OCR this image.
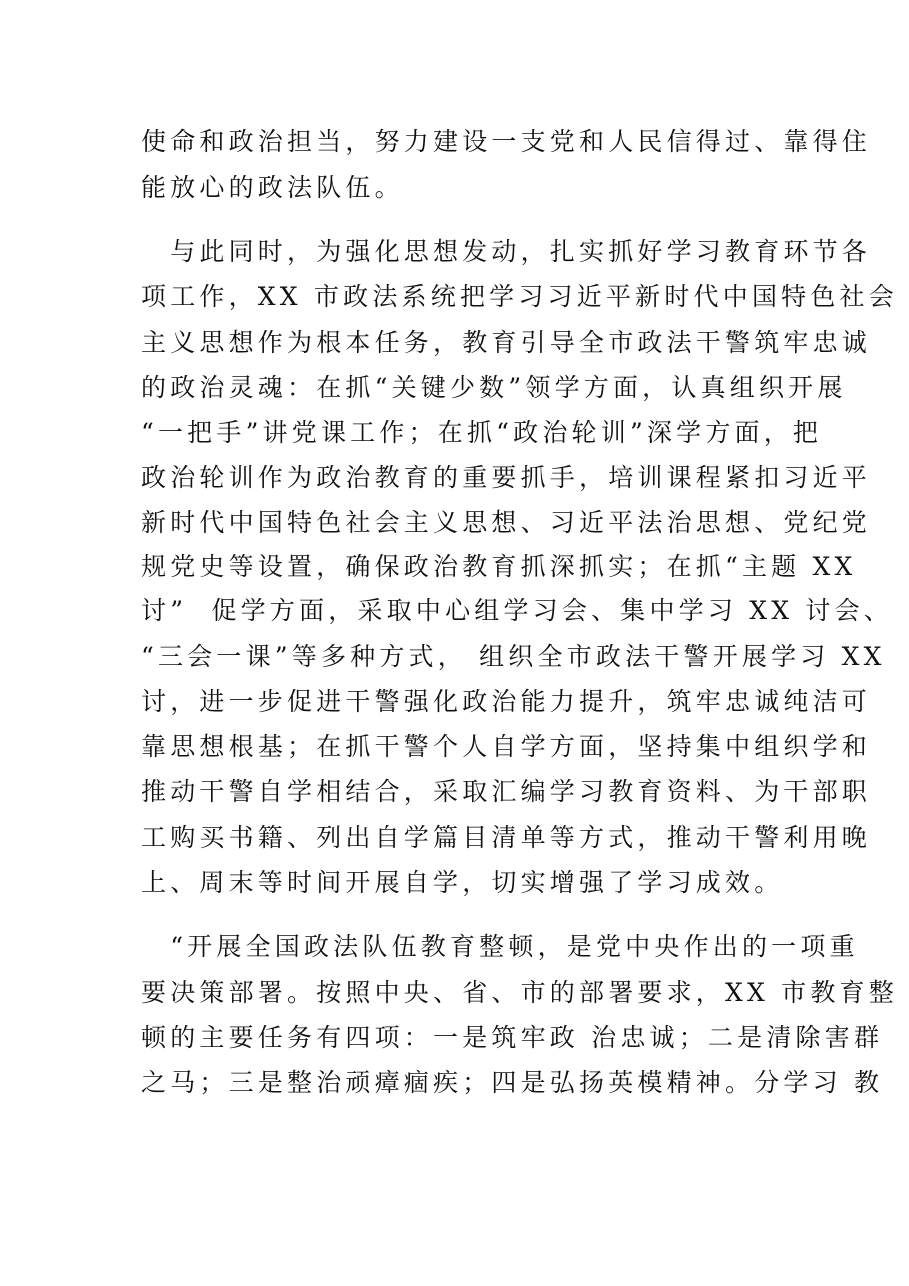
使命和政治担当，努力建设一支党和人民信得过、靠得住
能放心的政法队伍。
　与此同时，为强化思想发动，扎实抓好学习教育环节各
项工作，XX 市政法系统把学习习近平新时代中国特色社会
主义思想作为根本任务，教育引导全市政法干警筑牢忠诚
的政治灵魂：在抓“关键少数”领学方面，认真组织开展
“一把手”讲党课工作；在抓“政治轮训”深学方面，把
政治轮训作为政治教育的重要抓手，培训课程紧扣习近平
新时代中国特色社会主义思想、习近平法治思想、党纪党
规党史等设置，确保政治教育抓深抓实；在抓“主题 XX
讨”  促学方面，采取中心组学习会、集中学习 XX 讨会、
“三会一课”等多种方式， 组织全市政法干警开展学习 XX
讨，进一步促进干警强化政治能力提升，筑牢忠诚纯洁可
靠思想根基；在抓干警个人自学方面，坚持集中组织学和
推动干警自学相结合，采取汇编学习教育资料、为干部职
工购买书籍、列出自学篇目清单等方式，推动干警利用晚
上、周末等时间开展自学，切实增强了学习成效。
　“开展全国政法队伍教育整顿，是党中央作出的一项重
要决策部署。按照中央、省、市的部署要求，XX 市教育整
顿的主要任务有四项：一是筑牢政 治忠诚；二是清除害群
之马；三是整治顽瘴痼疾；四是弘扬英模精神。分学习 教
